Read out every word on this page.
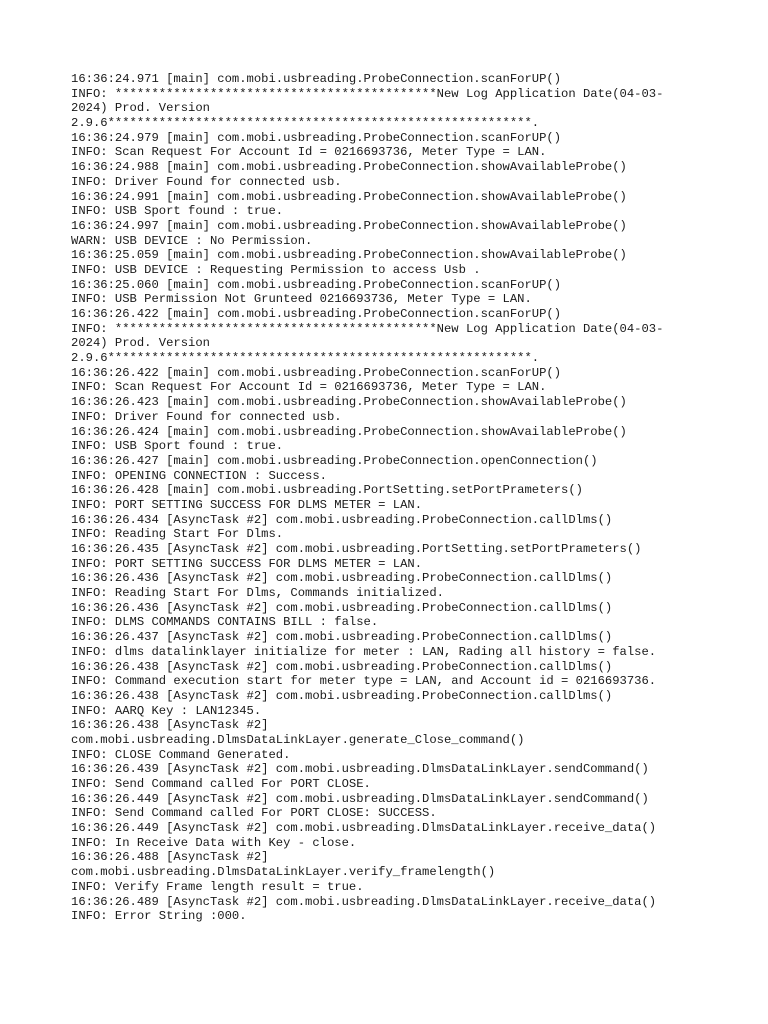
16:36:24.971 [main] com.mobi.usbreading.ProbeConnection.scanForUP()
INFO: ********************************************New Log Application Date(04-03-
2024) Prod. Version
2.9.6**********************************************************.
16:36:24.979 [main] com.mobi.usbreading.ProbeConnection.scanForUP()
INFO: Scan Request For Account Id = 0216693736, Meter Type = LAN.
16:36:24.988 [main] com.mobi.usbreading.ProbeConnection.showAvailableProbe()
INFO: Driver Found for connected usb.
16:36:24.991 [main] com.mobi.usbreading.ProbeConnection.showAvailableProbe()
INFO: USB Sport found : true.
16:36:24.997 [main] com.mobi.usbreading.ProbeConnection.showAvailableProbe()
WARN: USB DEVICE : No Permission.
16:36:25.059 [main] com.mobi.usbreading.ProbeConnection.showAvailableProbe()
INFO: USB DEVICE : Requesting Permission to access Usb .
16:36:25.060 [main] com.mobi.usbreading.ProbeConnection.scanForUP()
INFO: USB Permission Not Grunteed 0216693736, Meter Type = LAN.
16:36:26.422 [main] com.mobi.usbreading.ProbeConnection.scanForUP()
INFO: ********************************************New Log Application Date(04-03-
2024) Prod. Version
2.9.6**********************************************************.
16:36:26.422 [main] com.mobi.usbreading.ProbeConnection.scanForUP()
INFO: Scan Request For Account Id = 0216693736, Meter Type = LAN.
16:36:26.423 [main] com.mobi.usbreading.ProbeConnection.showAvailableProbe()
INFO: Driver Found for connected usb.
16:36:26.424 [main] com.mobi.usbreading.ProbeConnection.showAvailableProbe()
INFO: USB Sport found : true.
16:36:26.427 [main] com.mobi.usbreading.ProbeConnection.openConnection()
INFO: OPENING CONNECTION : Success.
16:36:26.428 [main] com.mobi.usbreading.PortSetting.setPortPrameters()
INFO: PORT SETTING SUCCESS FOR DLMS METER = LAN.
16:36:26.434 [AsyncTask #2] com.mobi.usbreading.ProbeConnection.callDlms()
INFO: Reading Start For Dlms.
16:36:26.435 [AsyncTask #2] com.mobi.usbreading.PortSetting.setPortPrameters()
INFO: PORT SETTING SUCCESS FOR DLMS METER = LAN.
16:36:26.436 [AsyncTask #2] com.mobi.usbreading.ProbeConnection.callDlms()
INFO: Reading Start For Dlms, Commands initialized.
16:36:26.436 [AsyncTask #2] com.mobi.usbreading.ProbeConnection.callDlms()
INFO: DLMS COMMANDS CONTAINS BILL : false.
16:36:26.437 [AsyncTask #2] com.mobi.usbreading.ProbeConnection.callDlms()
INFO: dlms datalinklayer initialize for meter : LAN, Rading all history = false.
16:36:26.438 [AsyncTask #2] com.mobi.usbreading.ProbeConnection.callDlms()
INFO: Command execution start for meter type = LAN, and Account id = 0216693736.
16:36:26.438 [AsyncTask #2] com.mobi.usbreading.ProbeConnection.callDlms()
INFO: AARQ Key : LAN12345.
16:36:26.438 [AsyncTask #2]
com.mobi.usbreading.DlmsDataLinkLayer.generate_Close_command()
INFO: CLOSE Command Generated.
16:36:26.439 [AsyncTask #2] com.mobi.usbreading.DlmsDataLinkLayer.sendCommand()
INFO: Send Command called For PORT CLOSE.
16:36:26.449 [AsyncTask #2] com.mobi.usbreading.DlmsDataLinkLayer.sendCommand()
INFO: Send Command called For PORT CLOSE: SUCCESS.
16:36:26.449 [AsyncTask #2] com.mobi.usbreading.DlmsDataLinkLayer.receive_data()
INFO: In Receive Data with Key - close.
16:36:26.488 [AsyncTask #2]
com.mobi.usbreading.DlmsDataLinkLayer.verify_framelength()
INFO: Verify Frame length result = true.
16:36:26.489 [AsyncTask #2] com.mobi.usbreading.DlmsDataLinkLayer.receive_data()
INFO: Error String :000.
